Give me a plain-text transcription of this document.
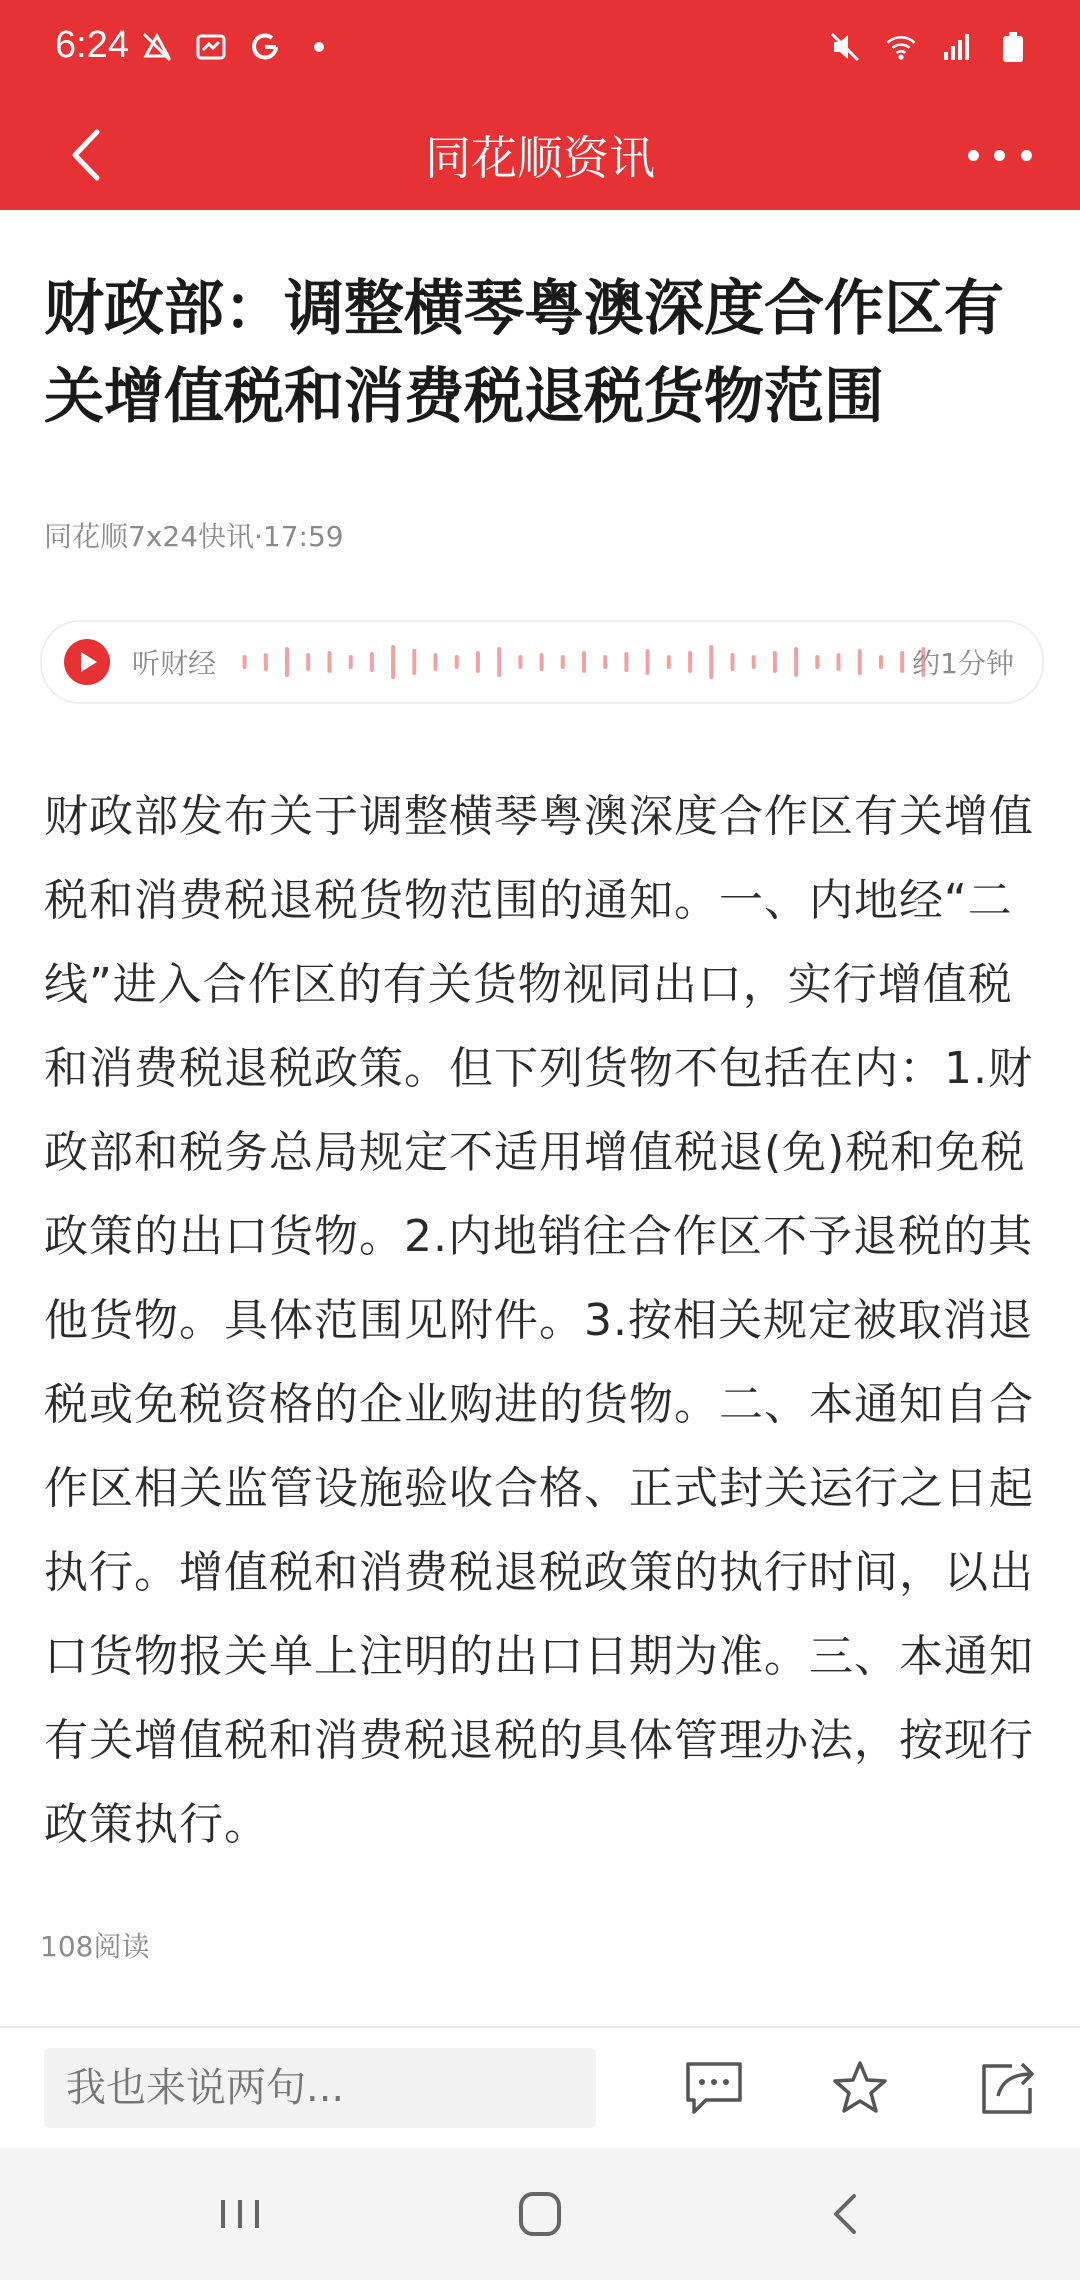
6:24
同花顺资讯
财政部：调整横琴粤澳深度合作区有关增值税和消费税退税货物范围
同花顺7x24快讯·17:59
听财经	约1分钟
财政部发布关于调整横琴粤澳深度合作区有关增值税和消费税退税货物范围的通知。一、内地经“二线”进入合作区的有关货物视同出口，实行增值税和消费税退税政策。但下列货物不包括在内：1.财政部和税务总局规定不适用增值税退(免)税和免税政策的出口货物。2.内地销往合作区不予退税的其他货物。具体范围见附件。3.按相关规定被取消退税或免税资格的企业购进的货物。二、本通知自合作区相关监管设施验收合格、正式封关运行之日起执行。增值税和消费税退税政策的执行时间，以出口货物报关单上注明的出口日期为准。三、本通知有关增值税和消费税退税的具体管理办法，按现行政策执行。
108阅读
我也来说两句...
